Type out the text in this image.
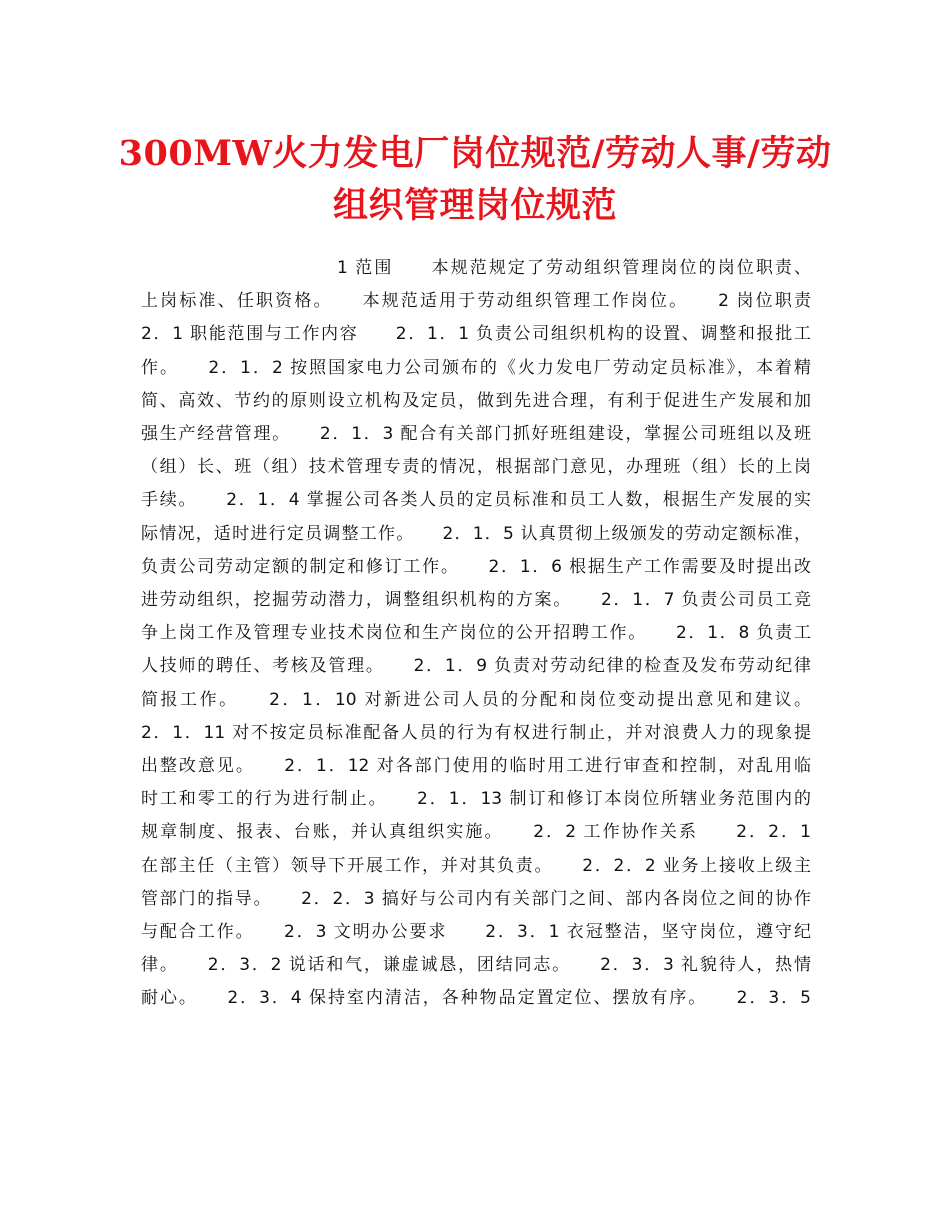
300MW火力发电厂岗位规范/劳动人事/劳动
组织管理岗位规范
1 范围　　本规范规定了劳动组织管理岗位的岗位职责、
上岗标准、任职资格。　　本规范适用于劳动组织管理工作岗位。　　2 岗位职责
2．1 职能范围与工作内容　　2．1．1 负责公司组织机构的设置、调整和报批工
作。　　2．1．2 按照国家电力公司颁布的《火力发电厂劳动定员标准》，本着精
简、高效、节约的原则设立机构及定员，做到先进合理，有利于促进生产发展和加
强生产经营管理。　　2．1．3 配合有关部门抓好班组建设，掌握公司班组以及班
（组）长、班（组）技术管理专责的情况，根据部门意见，办理班（组）长的上岗
手续。　　2．1．4 掌握公司各类人员的定员标准和员工人数，根据生产发展的实
际情况，适时进行定员调整工作。　　2．1．5 认真贯彻上级颁发的劳动定额标准，
负责公司劳动定额的制定和修订工作。　　2．1．6 根据生产工作需要及时提出改
进劳动组织，挖掘劳动潜力，调整组织机构的方案。　　2．1．7 负责公司员工竞
争上岗工作及管理专业技术岗位和生产岗位的公开招聘工作。　　2．1．8 负责工
人技师的聘任、考核及管理。　　2．1．9 负责对劳动纪律的检查及发布劳动纪律
简报工作。　　2．1．10 对新进公司人员的分配和岗位变动提出意见和建议。
2．1．11 对不按定员标准配备人员的行为有权进行制止，并对浪费人力的现象提
出整改意见。　　2．1．12 对各部门使用的临时用工进行审查和控制，对乱用临
时工和零工的行为进行制止。　　2．1．13 制订和修订本岗位所辖业务范围内的
规章制度、报表、台账，并认真组织实施。　　2．2 工作协作关系　　2．2．1
在部主任（主管）领导下开展工作，并对其负责。　　2．2．2 业务上接收上级主
管部门的指导。　　2．2．3 搞好与公司内有关部门之间、部内各岗位之间的协作
与配合工作。　　2．3 文明办公要求　　2．3．1 衣冠整洁，坚守岗位，遵守纪
律。　　2．3．2 说话和气，谦虚诚恳，团结同志。　　2．3．3 礼貌待人，热情
耐心。　　2．3．4 保持室内清洁，各种物品定置定位、摆放有序。　　2．3．5
